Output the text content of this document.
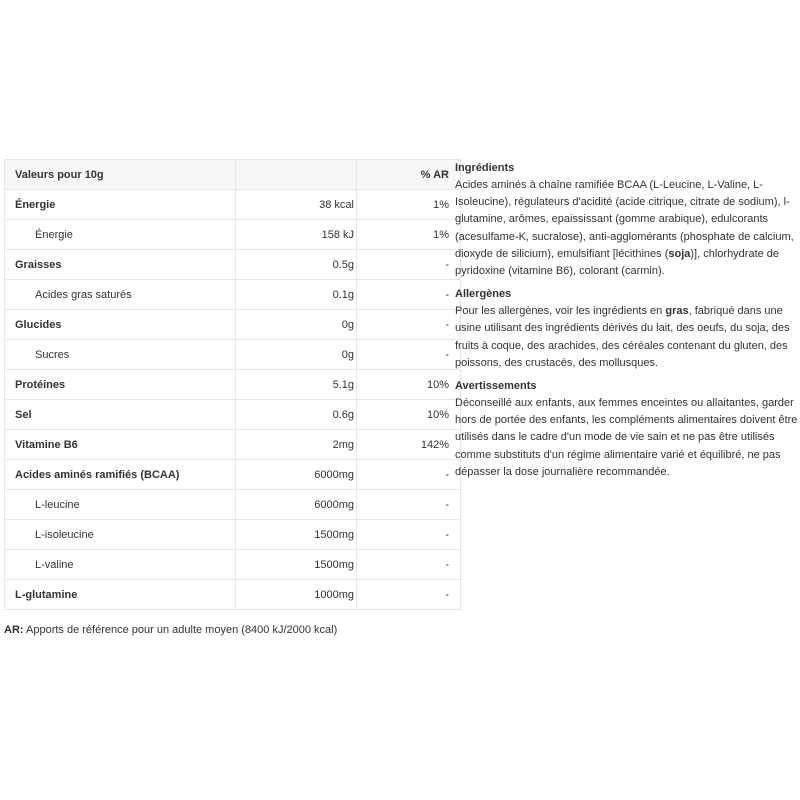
Valeurs pour 10g		% AR
Énergie	38 kcal	1%
Énergie	158 kJ	1%
Graisses	0.5g	-
Acides gras saturés	0.1g	-
Glucides	0g	-
Sucres	0g	-
Protéines	5.1g	10%
Sel	0.6g	10%
Vitamine B6	2mg	142%
Acides aminés ramifiés (BCAA)	6000mg	-
L-leucine	6000mg	-
L-isoleucine	1500mg	-
L-valine	1500mg	-
L-glutamine	1000mg	-
AR: Apports de référence pour un adulte moyen (8400 kJ/2000 kcal)
Ingrédients

Acides aminés à chaîne ramifiée BCAA (L-Leucine, L-Valine, L-Isoleucine), régulateurs d'acidité (acide citrique, citrate de sodium), l-glutamine, arômes, epaississant (gomme arabique), edulcorants (acesulfame-K, sucralose), anti-agglomérants (phosphate de calcium, dioxyde de silicium), emulsifiant [lécithines (soja)], chlorhydrate de pyridoxine (vitamine B6), colorant (carmin).

Allergènes

Pour les allergènes, voir les ingrédients en gras, fabriqué dans une usine utilisant des ingrédients dérivés du lait, des oeufs, du soja, des fruits à coque, des arachides, des céréales contenant du gluten, des poissons, des crustacés, des mollusques.

Avertissements

Déconseillé aux enfants, aux femmes enceintes ou allaitantes, garder hors de portée des enfants, les compléments alimentaires doivent être utilisés dans le cadre d'un mode de vie sain et ne pas être utilisés comme substituts d'un régime alimentaire varié et équilibré, ne pas dépasser la dose journalière recommandée.
